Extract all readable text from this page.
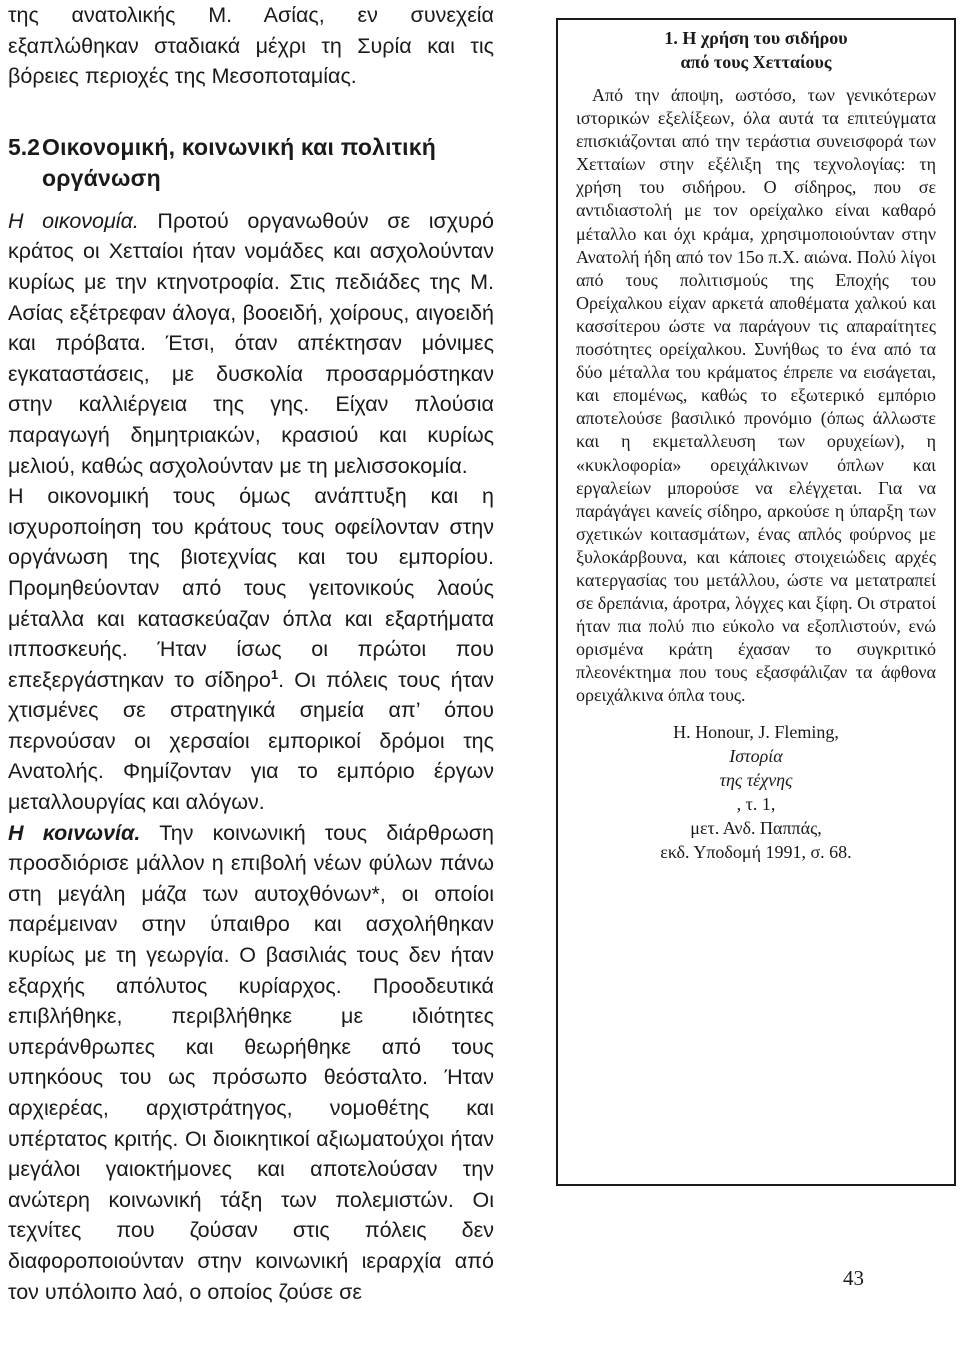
της ανατολικής Μ. Ασίας, εν συνεχεία εξαπλώθηκαν σταδιακά μέχρι τη Συρία και τις βόρειες περιοχές της Μεσοποταμίας.

5.2Οικονομική, κοινωνική και πολιτική οργάνωση

Η οικονομία. Προτού οργανωθούν σε ισχυρό κράτος οι Χετταίοι ήταν νομάδες και ασχολούνταν κυρίως με την κτηνοτροφία. Στις πεδιάδες της Μ. Ασίας εξέτρεφαν άλογα, βοοειδή, χοίρους, αιγοειδή και πρόβατα. Έτσι, όταν απέκτησαν μόνιμες εγκαταστάσεις, με δυσκολία προσαρμόστηκαν στην καλλιέργεια της γης. Είχαν πλούσια παραγωγή δημητριακών, κρασιού και κυρίως μελιού, καθώς ασχολούνταν με τη μελισσοκομία.

Η οικονομική τους όμως ανάπτυξη και η ισχυροποίηση του κράτους τους οφείλονταν στην οργάνωση της βιοτεχνίας και του εμπορίου. Προμηθεύονταν από τους γειτονικούς λαούς μέταλλα και κατασκεύαζαν όπλα και εξαρτήματα ιπποσκευής. Ήταν ίσως οι πρώτοι που επεξεργάστηκαν το σίδηρο$^1$. Οι πόλεις τους ήταν χτισμένες σε στρατηγικά σημεία απ’ όπου περνούσαν οι χερσαίοι εμπορικοί δρόμοι της Ανατολής. Φημίζονταν για το εμπόριο έργων μεταλλουργίας και αλόγων.

Η κοινωνία. Την κοινωνική τους διάρθρωση προσδιόρισε μάλλον η επιβολή νέων φύλων πάνω στη μεγάλη μάζα των αυτοχθόνων*, οι οποίοι παρέμειναν στην ύπαιθρο και ασχολήθηκαν κυρίως με τη γεωργία. Ο βασιλιάς τους δεν ήταν εξαρχής απόλυτος κυρίαρχος. Προοδευτικά επιβλήθηκε, περιβλήθηκε με ιδιότητες υπεράνθρωπες και θεωρήθηκε από τους υπηκόους του ως πρόσωπο θεόσταλτο. Ήταν αρχιερέας, αρχιστράτηγος, νομοθέτης και υπέρτατος κριτής. Οι διοικητικοί αξιωματούχοι ήταν μεγάλοι γαιοκτήμονες και αποτελούσαν την ανώτερη κοινωνική τάξη των πολεμιστών. Οι τεχνίτες που ζούσαν στις πόλεις δεν διαφοροποιούνταν στην κοινωνική ιεραρχία από τον υπόλοιπο λαό, ο οποίος ζούσε σε

1. Η χρήση του σιδήρου
από τους Χετταίους

Από την άποψη, ωστόσο, των γενικότερων ιστορικών εξελίξεων, όλα αυτά τα επιτεύγματα επισκιάζονται από την τεράστια συνεισφορά των Χετταίων στην εξέλιξη της τεχνολογίας: τη χρήση του σιδήρου. Ο σίδηρος, που σε αντιδιαστολή με τον ορείχαλκο είναι καθαρό μέταλλο και όχι κράμα, χρησιμοποιούνταν στην Ανατολή ήδη από τον 15ο π.Χ. αιώνα. Πολύ λίγοι από τους πολιτισμούς της Εποχής του Ορείχαλκου είχαν αρκετά αποθέματα χαλκού και κασσίτερου ώστε να παράγουν τις απαραίτητες ποσότητες ορείχαλκου. Συνήθως το ένα από τα δύο μέταλλα του κράματος έπρεπε να εισάγεται, και επομένως, καθώς το εξωτερικό εμπόριο αποτελούσε βασιλικό προνόμιο (όπως άλλωστε και η εκμεταλλευση των ορυχείων), η «κυκλοφορία» ορειχάλκινων όπλων και εργαλείων μπορούσε να ελέγχεται. Για να παράγάγει κανείς σίδηρο, αρκούσε η ύπαρξη των σχετικών κοιτασμάτων, ένας απλός φούρνος με ξυλοκάρβουνα, και κάποιες στοιχειώδεις αρχές κατεργασίας του μετάλλου, ώστε να μετατραπεί σε δρεπάνια, άροτρα, λόγχες και ξίφη. Οι στρατοί ήταν πια πολύ πιο εύκολο να εξοπλιστούν, ενώ ορισμένα κράτη έχασαν το συγκριτικό πλεονέκτημα που τους εξασφάλιζαν τα άφθονα ορειχάλκινα όπλα τους.

H. Honour, J. Fleming,
Ιστορία
της τέχνης
, τ. 1,
μετ. Ανδ. Παππάς,
εκδ. Υποδομή 1991, σ. 68.
43
